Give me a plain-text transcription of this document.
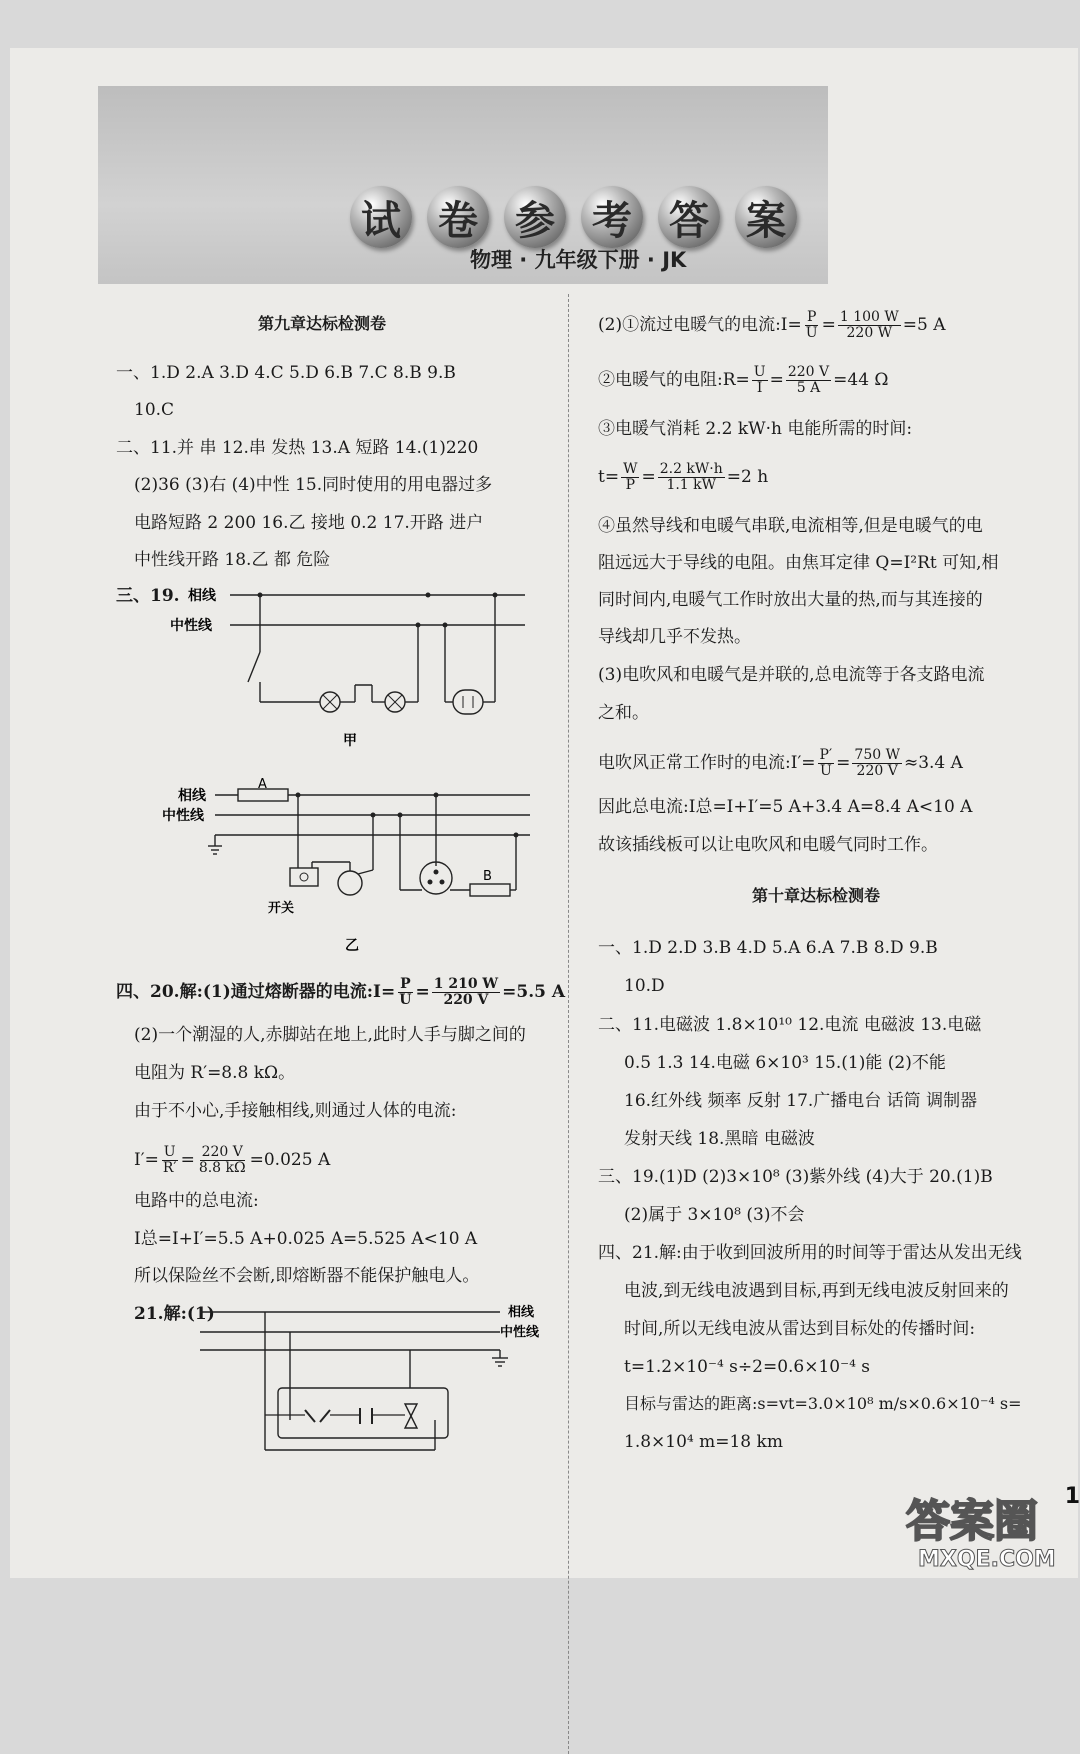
试 卷 参 考 答 案
物理 · 九年级下册 · JK
第九章达标检测卷
一、1.D 2.A 3.D 4.C 5.D 6.B 7.C 8.B 9.B
10.C
二、11.并 串 12.串 发热 13.A 短路 14.(1)220
(2)36 (3)右 (4)中性 15.同时使用的用电器过多
电路短路 2 200 16.乙 接地 0.2 17.开路 进户
中性线开路 18.乙 都 危险
三、19. 相线
中性线
甲
相线
中性线
A
开关
B
乙
四、20.解:(1)通过熔断器的电流:I= $\frac{P}{U} = \frac{1 210 W}{220 V} =5.5$ A
(2)一个潮湿的人,赤脚站在地上,此时人手与脚之间的
电阻为 R′=8.8 kΩ。
由于不小心,手接触相线,则通过人体的电流:
$I'= \frac{U}{R'} = \frac{220 V}{8.8 k\Omega} =0.025$ A
电路中的总电流:
I总=I+I′=5.5 A+0.025 A=5.525 A<10 A
所以保险丝不会断,即熔断器不能保护触电人。
21.解:(1)	相线
中性线
(2)①流过电暖气的电流:I= $\frac{P}{U} = \frac{1 100 W}{220 W} =5$ A
②电暖气的电阻:R= $\frac{U}{I} = \frac{220 V}{5 A} =44$ Ω
③电暖气消耗 2.2 kW·h 电能所需的时间:
$t= \frac{W}{P} = \frac{2.2 kW\cdot h}{1.1 kW} =2$ h
④虽然导线和电暖气串联,电流相等,但是电暖气的电
阻远远大于导线的电阻。由焦耳定律 Q=I²Rt 可知,相
同时间内,电暖气工作时放出大量的热,而与其连接的
导线却几乎不发热。
(3)电吹风和电暖气是并联的,总电流等于各支路电流
之和。
电吹风正常工作时的电流:I′= $\frac{P'}{U} = \frac{750 W}{220 V} \approx 3.4$ A
因此总电流:I总=I+I′=5 A+3.4 A=8.4 A<10 A
故该插线板可以让电吹风和电暖气同时工作。
第十章达标检测卷
一、1.D 2.D 3.B 4.D 5.A 6.A 7.B 8.D 9.B
10.D
二、11.电磁波 1.8×10¹⁰ 12.电流 电磁波 13.电磁
0.5 1.3 14.电磁 6×10³ 15.(1)能 (2)不能
16.红外线 频率 反射 17.广播电台 话筒 调制器
发射天线 18.黑暗 电磁波
三、19.(1)D (2)3×10⁸ (3)紫外线 (4)大于 20.(1)B
(2)属于 3×10⁸ (3)不会
四、21.解:由于收到回波所用的时间等于雷达从发出无线
电波,到无线电波遇到目标,再到无线电波反射回来的
时间,所以无线电波从雷达到目标处的传播时间:
t=1.2×10⁻⁴ s÷2=0.6×10⁻⁴ s
目标与雷达的距离:s=vt=3.0×10⁸ m/s×0.6×10⁻⁴ s=
1.8×10⁴ m=18 km
1
答案圈
MXQE.COM
